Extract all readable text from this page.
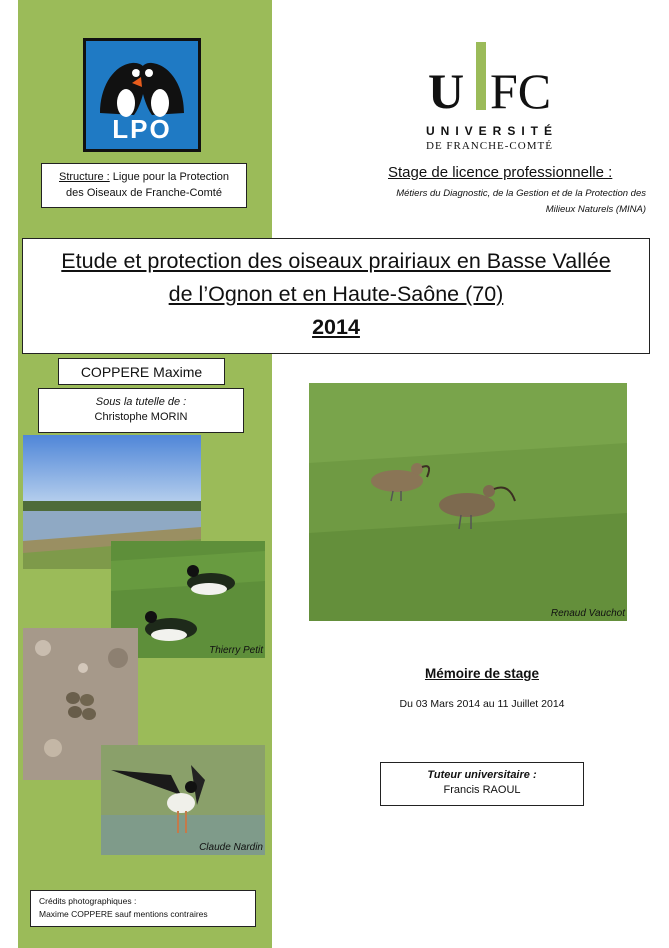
LPO
Structure : Ligue pour la Protection
des Oiseaux de Franche-Comté
U FC
UNIVERSITÉ
DE FRANCHE-COMTÉ
Stage de licence professionnelle :
Métiers du Diagnostic, de la Gestion et de la Protection des
Milieux Naturels (MINA)
Etude et protection des oiseaux prairiaux en Basse Vallée
de l’Ognon et en Haute-Saône (70)
2014
COPPERE Maxime
Sous la tutelle de :
Christophe MORIN
Thierry Petit
Claude Nardin
Renaud Vauchot
Mémoire de stage
Du 03 Mars 2014 au 11 Juillet 2014
Tuteur universitaire :
Francis RAOUL
Crédits photographiques :
Maxime COPPERE sauf mentions contraires
